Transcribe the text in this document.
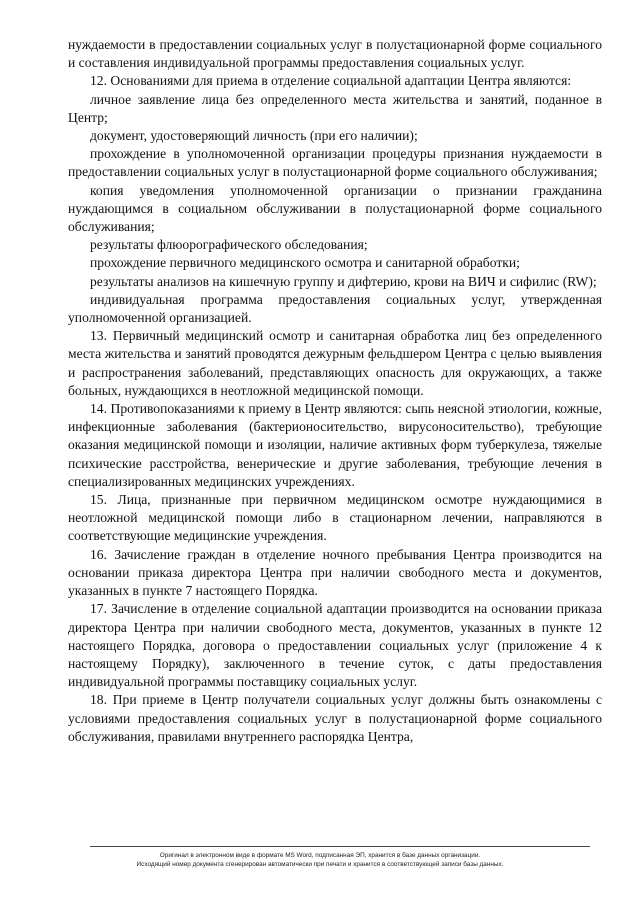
нуждаемости в предоставлении социальных услуг в полустационарной форме социального и составления индивидуальной программы предоставления социальных услуг.

12. Основаниями для приема в отделение социальной адаптации Центра являются:

личное заявление лица без определенного места жительства и занятий, поданное в Центр;

документ, удостоверяющий личность (при его наличии);

прохождение в уполномоченной организации процедуры признания нуждаемости в предоставлении социальных услуг в полустационарной форме социального обслуживания;

копия уведомления уполномоченной организации о признании гражданина нуждающимся в социальном обслуживании в полустационарной форме социального обслуживания;

результаты флюорографического обследования;

прохождение первичного медицинского осмотра и санитарной обработки;

результаты анализов на кишечную группу и дифтерию, крови на ВИЧ и сифилис (RW);

индивидуальная программа предоставления социальных услуг, утвержденная уполномоченной организацией.

13. Первичный медицинский осмотр и санитарная обработка лиц без определенного места жительства и занятий проводятся дежурным фельдшером Центра с целью выявления и распространения заболеваний, представляющих опасность для окружающих, а также больных, нуждающихся в неотложной медицинской помощи.

14. Противопоказаниями к приему в Центр являются: сыпь неясной этиологии, кожные, инфекционные заболевания (бактерионосительство, вирусоносительство), требующие оказания медицинской помощи и изоляции, наличие активных форм туберкулеза, тяжелые психические расстройства, венерические и другие заболевания, требующие лечения в специализированных медицинских учреждениях.

15. Лица, признанные при первичном медицинском осмотре нуждающимися в неотложной медицинской помощи либо в стационарном лечении, направляются в соответствующие медицинские учреждения.

16. Зачисление граждан в отделение ночного пребывания Центра производится на основании приказа директора Центра при наличии свободного места и документов, указанных в пункте 7 настоящего Порядка.

17. Зачисление в отделение социальной адаптации производится на основании приказа директора Центра при наличии свободного места, документов, указанных в пункте 12 настоящего Порядка, договора о предоставлении социальных услуг (приложение 4 к настоящему Порядку), заключенного в течение суток, с даты предоставления индивидуальной программы поставщику социальных услуг.

18. При приеме в Центр получатели социальных услуг должны быть ознакомлены с условиями предоставления социальных услуг в полустационарной форме социального обслуживания, правилами внутреннего распорядка Центра,

Оригинал в электронном виде в формате MS Word, подписанная ЭП, хранится в базе данных организации.
Исходящий номер документа сгенерирован автоматически при печати и хранится в соответствующей записи базы данных.
